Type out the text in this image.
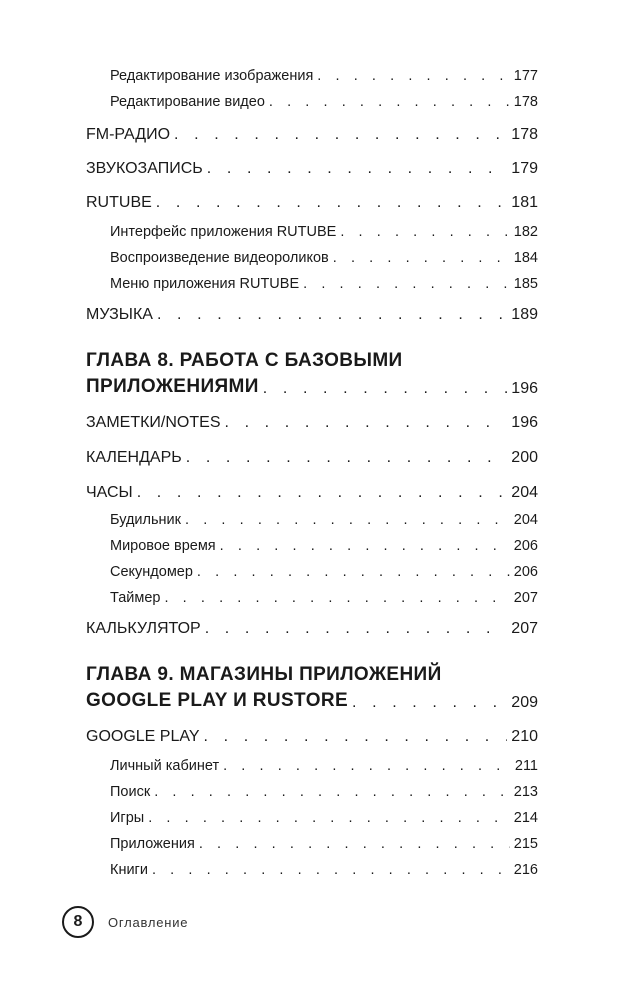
Редактирование изображения . . .	177
Редактирование видео . . .	178
FM-РАДИО . . .	178
ЗВУКОЗАПИСЬ . . .	179
RUTUBE . . .	181
Интерфейс приложения RUTUBE . . .	182
Воспроизведение видеороликов . . .	184
Меню приложения RUTUBE . . .	185
МУЗЫКА . . .	189
ГЛАВА 8. РАБОТА С БАЗОВЫМИ
ПРИЛОЖЕНИЯМИ . . .	196
ЗАМЕТКИ/NOTES . . .	196
КАЛЕНДАРЬ . . .	200
ЧАСЫ . . .	204
Будильник . . .	204
Мировое время . . .	206
Секундомер . . .	206
Таймер . . .	207
КАЛЬКУЛЯТОР . . .	207
ГЛАВА 9. МАГАЗИНЫ ПРИЛОЖЕНИЙ
GOOGLE PLAY И RUSTORE . . .	209
GOOGLE PLAY . . .	210
Личный кабинет . . .	211
Поиск . . .	213
Игры . . .	214
Приложения . . .	215
Книги . . .	216
8	Оглавление
